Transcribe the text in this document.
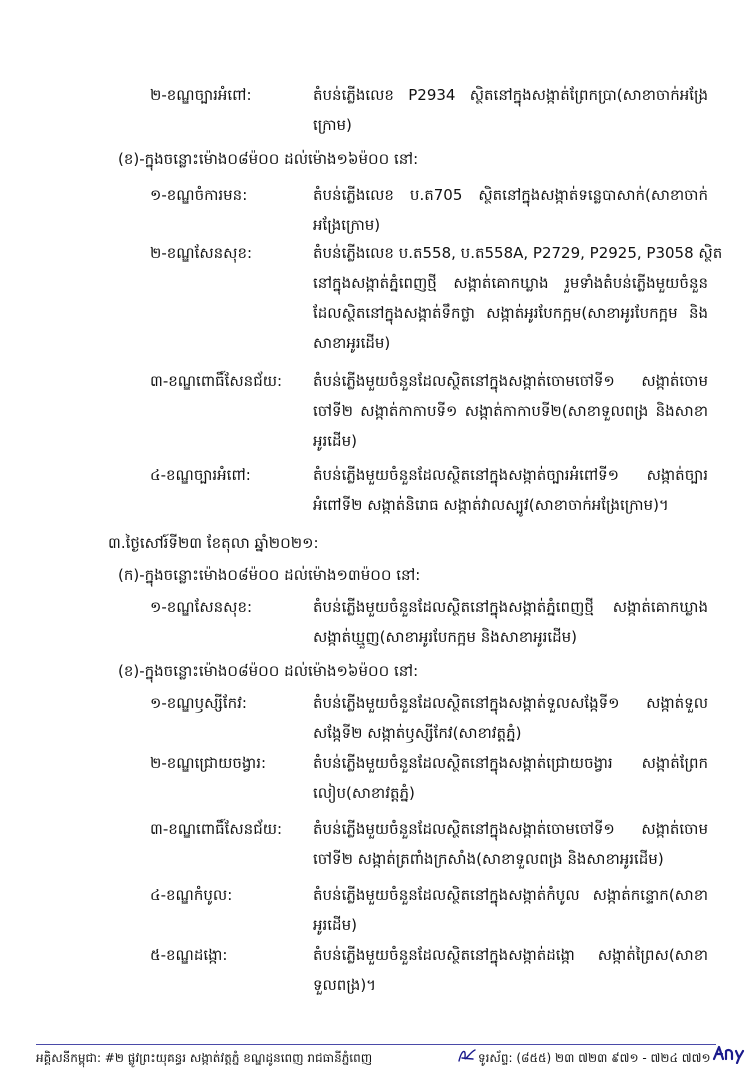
២-ខណ្ឌច្បារអំពៅ:	តំបន់ភ្លើងលេខ P2934 ស្ថិតនៅក្នុងសង្កាត់ព្រែកប្រា(សាខាចាក់អង្រែ
ក្រោម)
(ខ)-ក្នុងចន្លោះម៉ោង០៨ម៉០០ ដល់ម៉ោង១៦ម៉០០ នៅ:
១-ខណ្ឌចំការមន:	តំបន់ភ្លើងលេខ ប.ត705 ស្ថិតនៅក្នុងសង្កាត់ទន្លេបាសាក់(សាខាចាក់
អង្រែក្រោម)
២-ខណ្ឌសែនសុខ:	តំបន់ភ្លើងលេខ ប.ត558, ប.ត558A, P2729, P2925, P3058 ស្ថិត
នៅក្នុងសង្កាត់ភ្នំពេញថ្មី សង្កាត់គោកឃ្លាង រួមទាំងតំបន់ភ្លើងមួយចំនួន
ដែលស្ថិតនៅក្នុងសង្កាត់ទឹកថ្លា សង្កាត់អូរបែកក្អម(សាខាអូរបែកក្អម និង
សាខាអូរដើម)
៣-ខណ្ឌពោធិ៍សែនជ័យ: តំបន់ភ្លើងមួយចំនួនដែលស្ថិតនៅក្នុងសង្កាត់ចោមចៅទី១ សង្កាត់ចោម
ចៅទី២ សង្កាត់កាកាបទី១ សង្កាត់កាកាបទី២(សាខាទួលពង្រ និងសាខា
អូរដើម)
៤-ខណ្ឌច្បារអំពៅ:	តំបន់ភ្លើងមួយចំនួនដែលស្ថិតនៅក្នុងសង្កាត់ច្បារអំពៅទី១ សង្កាត់ច្បារ
អំពៅទី២ សង្កាត់និរោធ សង្កាត់វាលស្បូវ(សាខាចាក់អង្រែក្រោម)។
៣.ថ្ងៃសៅរ៍ទី២៣ ខែតុលា ឆ្នាំ២០២១:
(ក)-ក្នុងចន្លោះម៉ោង០៨ម៉០០ ដល់ម៉ោង១៣ម៉០០ នៅ:
១-ខណ្ឌសែនសុខ:	តំបន់ភ្លើងមួយចំនួនដែលស្ថិតនៅក្នុងសង្កាត់ភ្នំពេញថ្មី សង្កាត់គោកឃ្លាង
សង្កាត់ឃ្មួញ(សាខាអូរបែកក្អម និងសាខាអូរដើម)
(ខ)-ក្នុងចន្លោះម៉ោង០៨ម៉០០ ដល់ម៉ោង១៦ម៉០០ នៅ:
១-ខណ្ឌឫស្សីកែវ:	តំបន់ភ្លើងមួយចំនួនដែលស្ថិតនៅក្នុងសង្កាត់ទួលសង្កែទី១ សង្កាត់ទួល
សង្កែទី២ សង្កាត់ឫស្សីកែវ(សាខាវត្តភ្នំ)
២-ខណ្ឌជ្រោយចង្វារ:	តំបន់ភ្លើងមួយចំនួនដែលស្ថិតនៅក្នុងសង្កាត់ជ្រោយចង្វារ សង្កាត់ព្រែក
លៀប(សាខាវត្តភ្នំ)
៣-ខណ្ឌពោធិ៍សែនជ័យ: តំបន់ភ្លើងមួយចំនួនដែលស្ថិតនៅក្នុងសង្កាត់ចោមចៅទី១ សង្កាត់ចោម
ចៅទី២ សង្កាត់ត្រពាំងក្រសាំង(សាខាទួលពង្រ និងសាខាអូរដើម)
៤-ខណ្ឌកំបូល:	តំបន់ភ្លើងមួយចំនួនដែលស្ថិតនៅក្នុងសង្កាត់កំបូល សង្កាត់កន្ទោក(សាខា
អូរដើម)
៥-ខណ្ឌដង្កោ:	តំបន់ភ្លើងមួយចំនួនដែលស្ថិតនៅក្នុងសង្កាត់ដង្កោ សង្កាត់ព្រៃស(សាខា
ទួលពង្រ)។
អគ្គិសនីកម្ពុជា: #២ ផ្លូវព្រះយុគន្ធរ សង្កាត់វត្តភ្នំ ខណ្ឌដូនពេញ រាជធានីភ្នំពេញ	ទូរស័ព្ទ: (៨៥៥) ២៣ ៧២៣ ៩៧១ - ៧២៤ ៧៧១
